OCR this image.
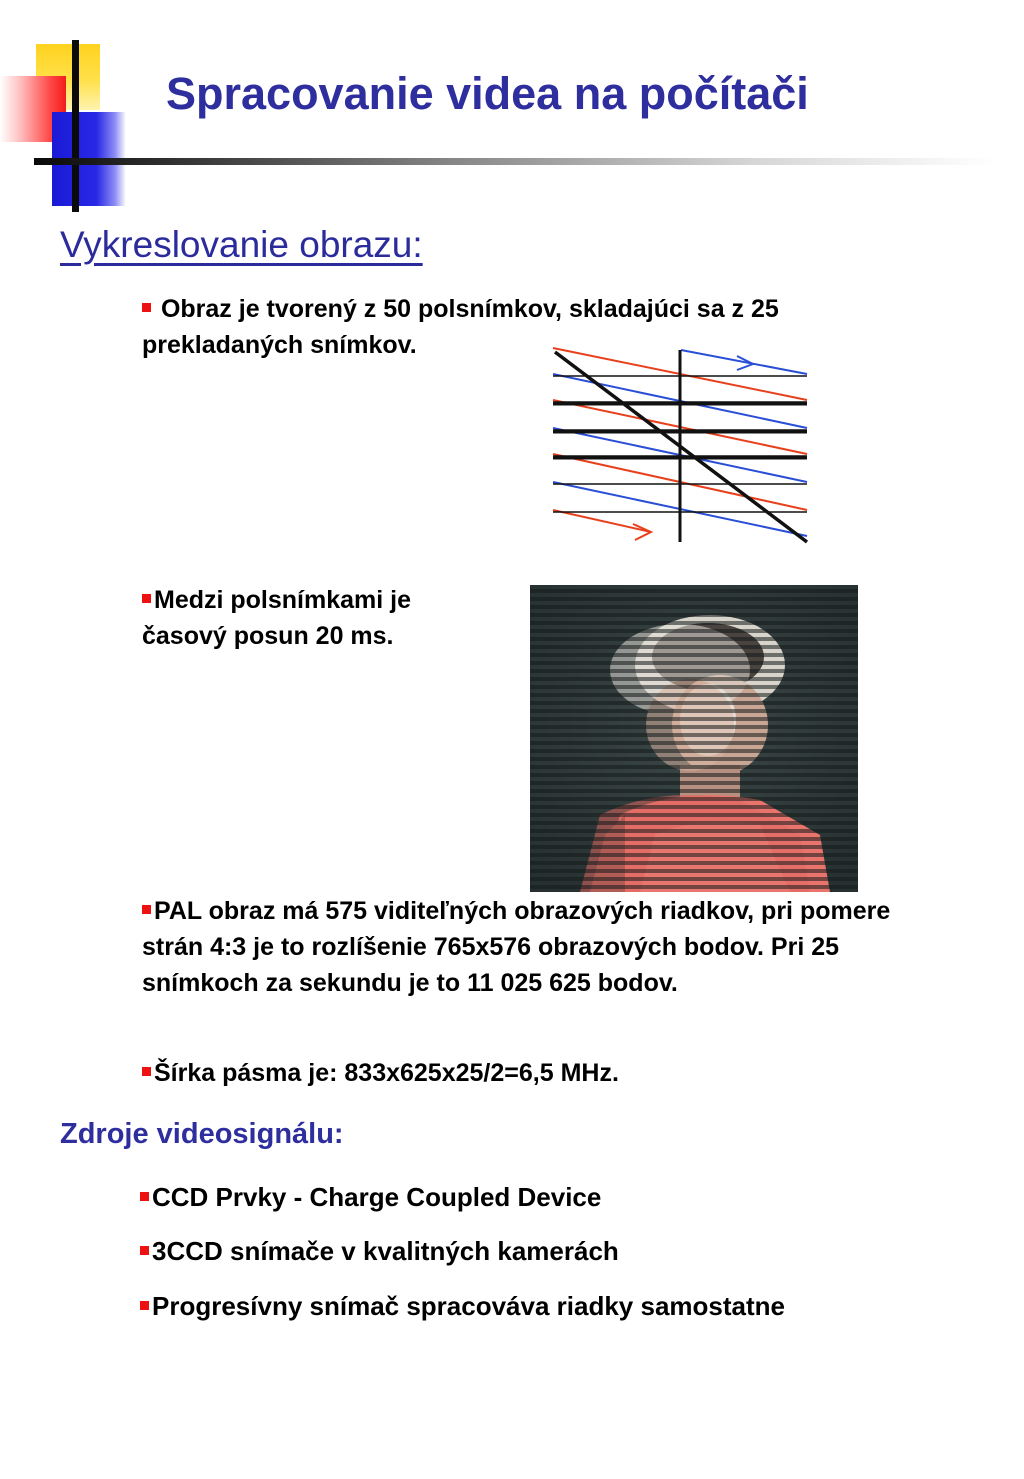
Spracovanie videa na počítači
Vykreslovanie obrazu:
Obraz je tvorený z 50 polsnímkov, skladajúci sa z 25 prekladaných snímkov.
Medzi polsnímkami je
časový posun 20 ms.
PAL obraz má 575 viditeľných obrazových riadkov, pri pomere strán 4:3 je to rozlíšenie 765x576 obrazových bodov. Pri 25 snímkoch za sekundu je to 11 025 625 bodov.
Šírka pásma je: 833x625x25/2=6,5 MHz.
Zdroje videosignálu:
CCD Prvky - Charge Coupled Device
3CCD snímače v kvalitných kamerách
Progresívny snímač spracováva riadky samostatne
